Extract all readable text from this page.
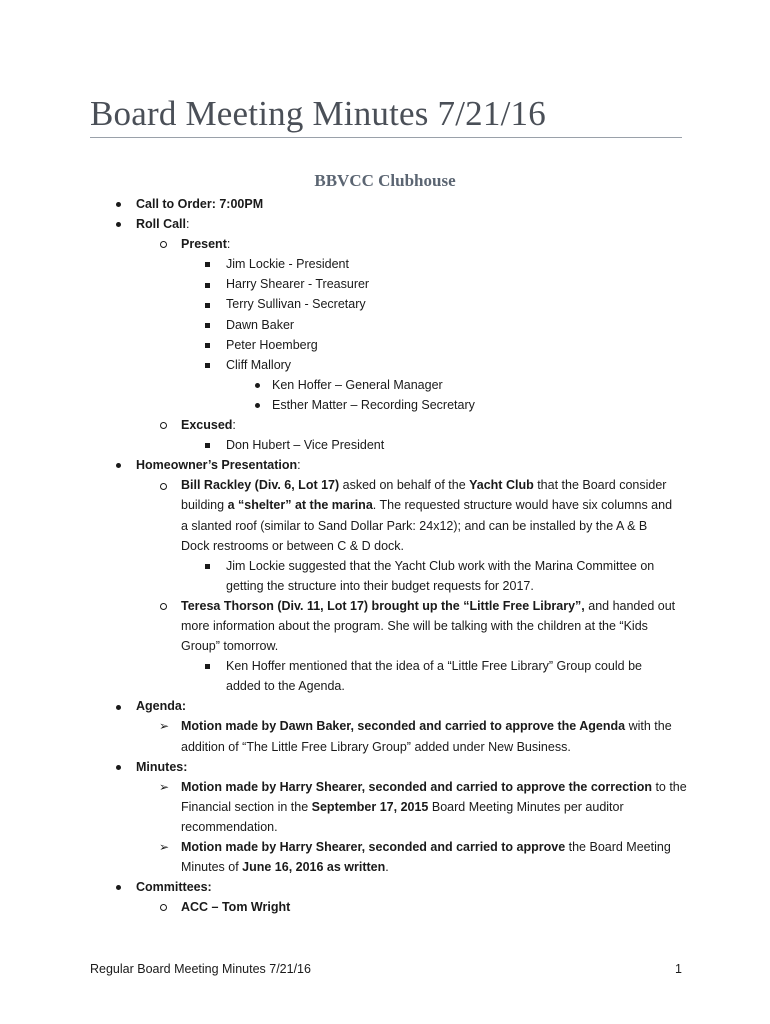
Board Meeting Minutes 7/21/16
BBVCC Clubhouse
Call to Order: 7:00PM
Roll Call:
Present:
Jim Lockie - President
Harry Shearer - Treasurer
Terry Sullivan - Secretary
Dawn Baker
Peter Hoemberg
Cliff Mallory
Ken Hoffer – General Manager
Esther Matter – Recording Secretary
Excused:
Don Hubert – Vice President
Homeowner’s Presentation:
Bill Rackley (Div. 6, Lot 17) asked on behalf of the Yacht Club that the Board consider
building a “shelter” at the marina. The requested structure would have six columns and
a slanted roof (similar to Sand Dollar Park: 24x12); and can be installed by the A & B
Dock restrooms or between C & D dock.
Jim Lockie suggested that the Yacht Club work with the Marina Committee on
getting the structure into their budget requests for 2017.
Teresa Thorson (Div. 11, Lot 17) brought up the “Little Free Library”, and handed out
more information about the program. She will be talking with the children at the “Kids
Group” tomorrow.
Ken Hoffer mentioned that the idea of a “Little Free Library” Group could be
added to the Agenda.
Agenda:
➢ Motion made by Dawn Baker, seconded and carried to approve the Agenda with the
addition of “The Little Free Library Group” added under New Business.
Minutes:
➢ Motion made by Harry Shearer, seconded and carried to approve the correction to the
Financial section in the September 17, 2015 Board Meeting Minutes per auditor
recommendation.
➢ Motion made by Harry Shearer, seconded and carried to approve the Board Meeting
Minutes of June 16, 2016 as written.
Committees:
ACC – Tom Wright
Regular Board Meeting Minutes 7/21/16	1
